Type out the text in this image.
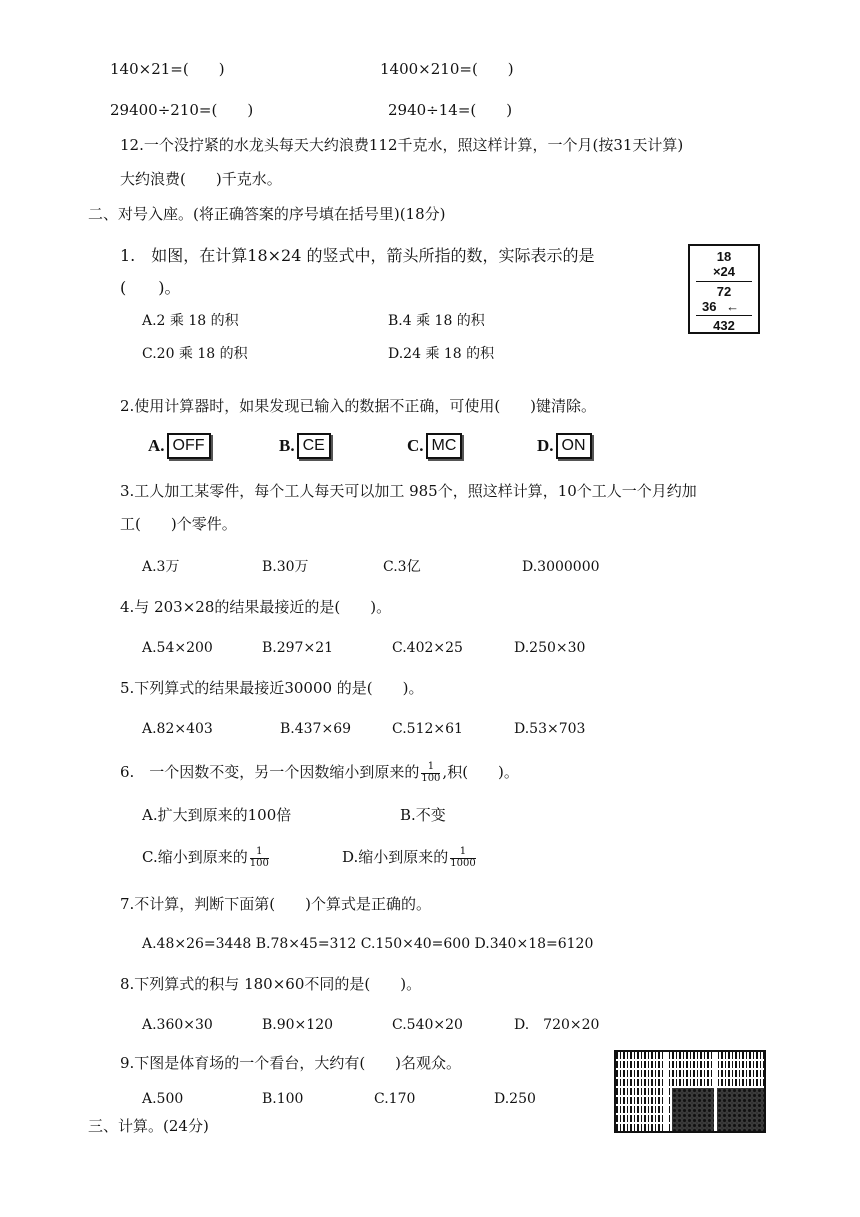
140×21=(　　)	1400×210=(　　)
29400÷210=(　　)	2940÷14=(　　)
12.一个没拧紧的水龙头每天大约浪费112千克水，照这样计算，一个月(按31天计算)
大约浪费(　　)千克水。
二、对号入座。(将正确答案的序号填在括号里)(18分)
1.　如图，在计算18×24 的竖式中，箭头所指的数，实际表示的是
(　　)。
A.2 乘 18 的积	B.4 乘 18 的积
C.20 乘 18 的积	D.24 乘 18 的积
18
×24
72
36 ←
432
2.使用计算器时，如果发现已输入的数据不正确，可使用(　　)键清除。
A. OFF	B. CE	C. MC	D. ON
3.工人加工某零件，每个工人每天可以加工 985个，照这样计算，10个工人一个月约加
工(　　)个零件。
A.3万	B.30万	C.3亿	D.3000000
4.与 203×28的结果最接近的是(　　)。
A.54×200	B.297×21	C.402×25	D.250×30
5.下列算式的结果最接近30000 的是(　　)。
A.82×403	B.437×69	C.512×61	D.53×703
6.　一个因数不变，另一个因数缩小到原来的 $\frac{1}{100}$ ,积(　　)。
A.扩大到原来的100倍	B.不变
C.缩小到原来的 $\frac{1}{100}$	D.缩小到原来的 $\frac{1}{1000}$
7.不计算，判断下面第(　　)个算式是正确的。
A.48×26=3448 B.78×45=312 C.150×40=600 D.340×18=6120
8.下列算式的积与 180×60不同的是(　　)。
A.360×30	B.90×120	C.540×20	D.　720×20
9.下图是体育场的一个看台，大约有(　　)名观众。
A.500	B.100	C.170	D.250
三、计算。(24分)
